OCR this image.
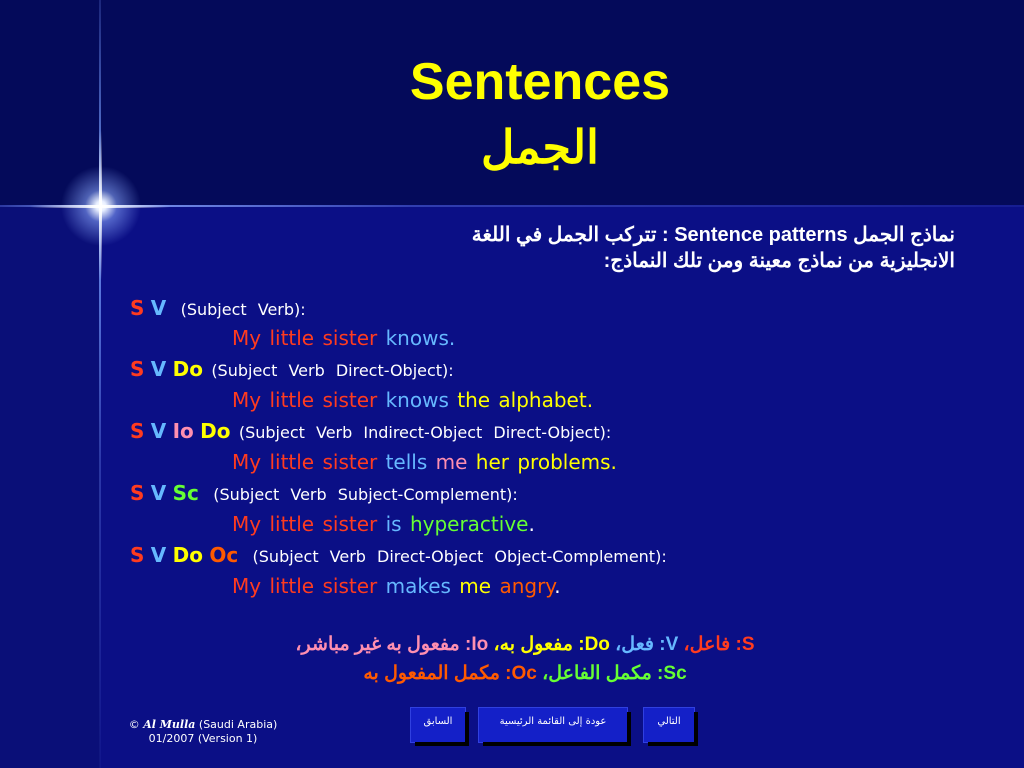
Sentences
الجمل

نماذج الجمل Sentence patterns : تتركب الجمل في اللغة

الانجليزية من نماذج معينة ومن تلك النماذج:

S V (Subject Verb):
My little sister knows.
S V Do (Subject Verb Direct-Object):
My little sister knows the alphabet.
S V Io Do (Subject Verb Indirect-Object Direct-Object):
My little sister tells me her problems.
S V Sc (Subject Verb Subject-Complement):
My little sister is hyperactive.
S V Do Oc (Subject Verb Direct-Object Object-Complement):
My little sister makes me angry.
S: فاعل، V: فعل، Do: مفعول به، Io: مفعول به غير مباشر،
Sc: مكمل الفاعل، Oc: مكمل المفعول به
© Al Mulla (Saudi Arabia)
01/2007 (Version 1)
السابق	عودة إلى القائمة الرئيسية	التالي
